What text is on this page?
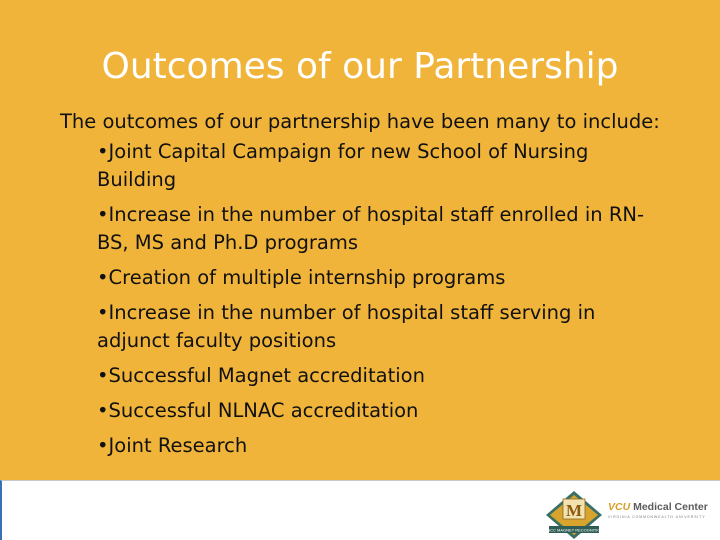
Outcomes of our Partnership

The outcomes of our partnership have been many to include:

• Joint Capital Campaign for new School of Nursing Building
• Increase in the number of hospital staff enrolled in RN-BS, MS and Ph.D programs
• Creation of multiple internship programs
• Increase in the number of hospital staff serving in adjunct faculty positions
• Successful Magnet accreditation
• Successful NLNAC accreditation
• Joint Research
M
ANCC MAGNET RECOGNITION
VCU Medical Center
VIRGINIA COMMONWEALTH UNIVERSITY
